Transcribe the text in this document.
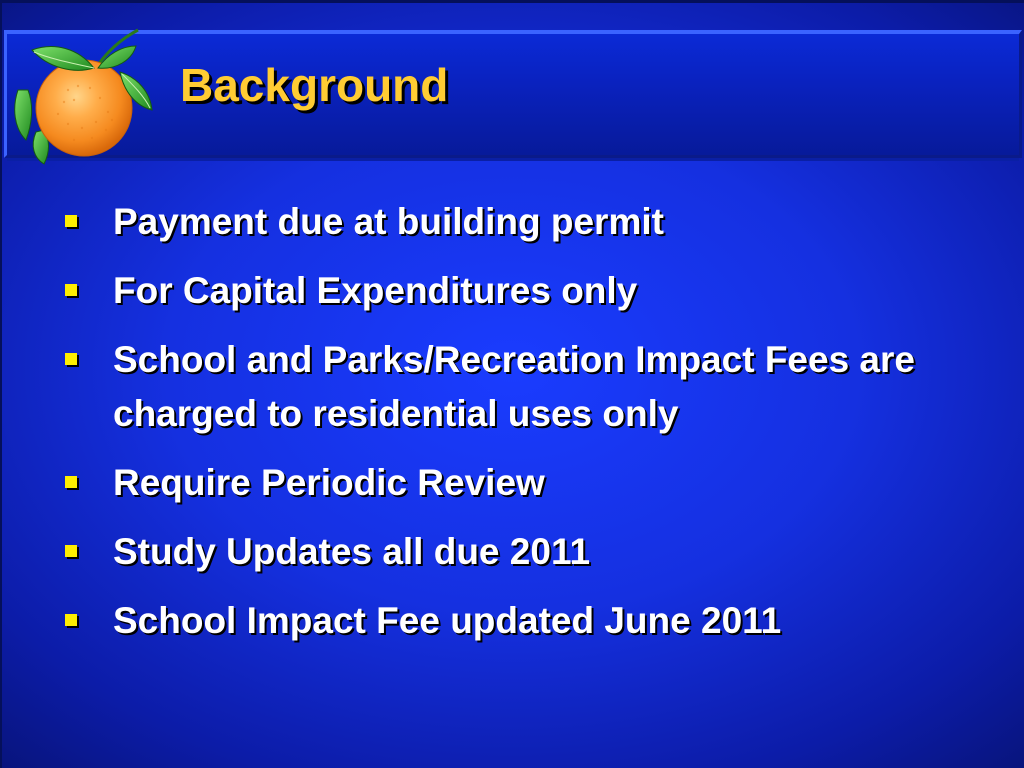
Background
Payment due at building permit
For Capital Expenditures only
School and Parks/Recreation Impact Fees are charged to residential uses only
Require Periodic Review
Study Updates all due 2011
School Impact Fee updated June 2011
